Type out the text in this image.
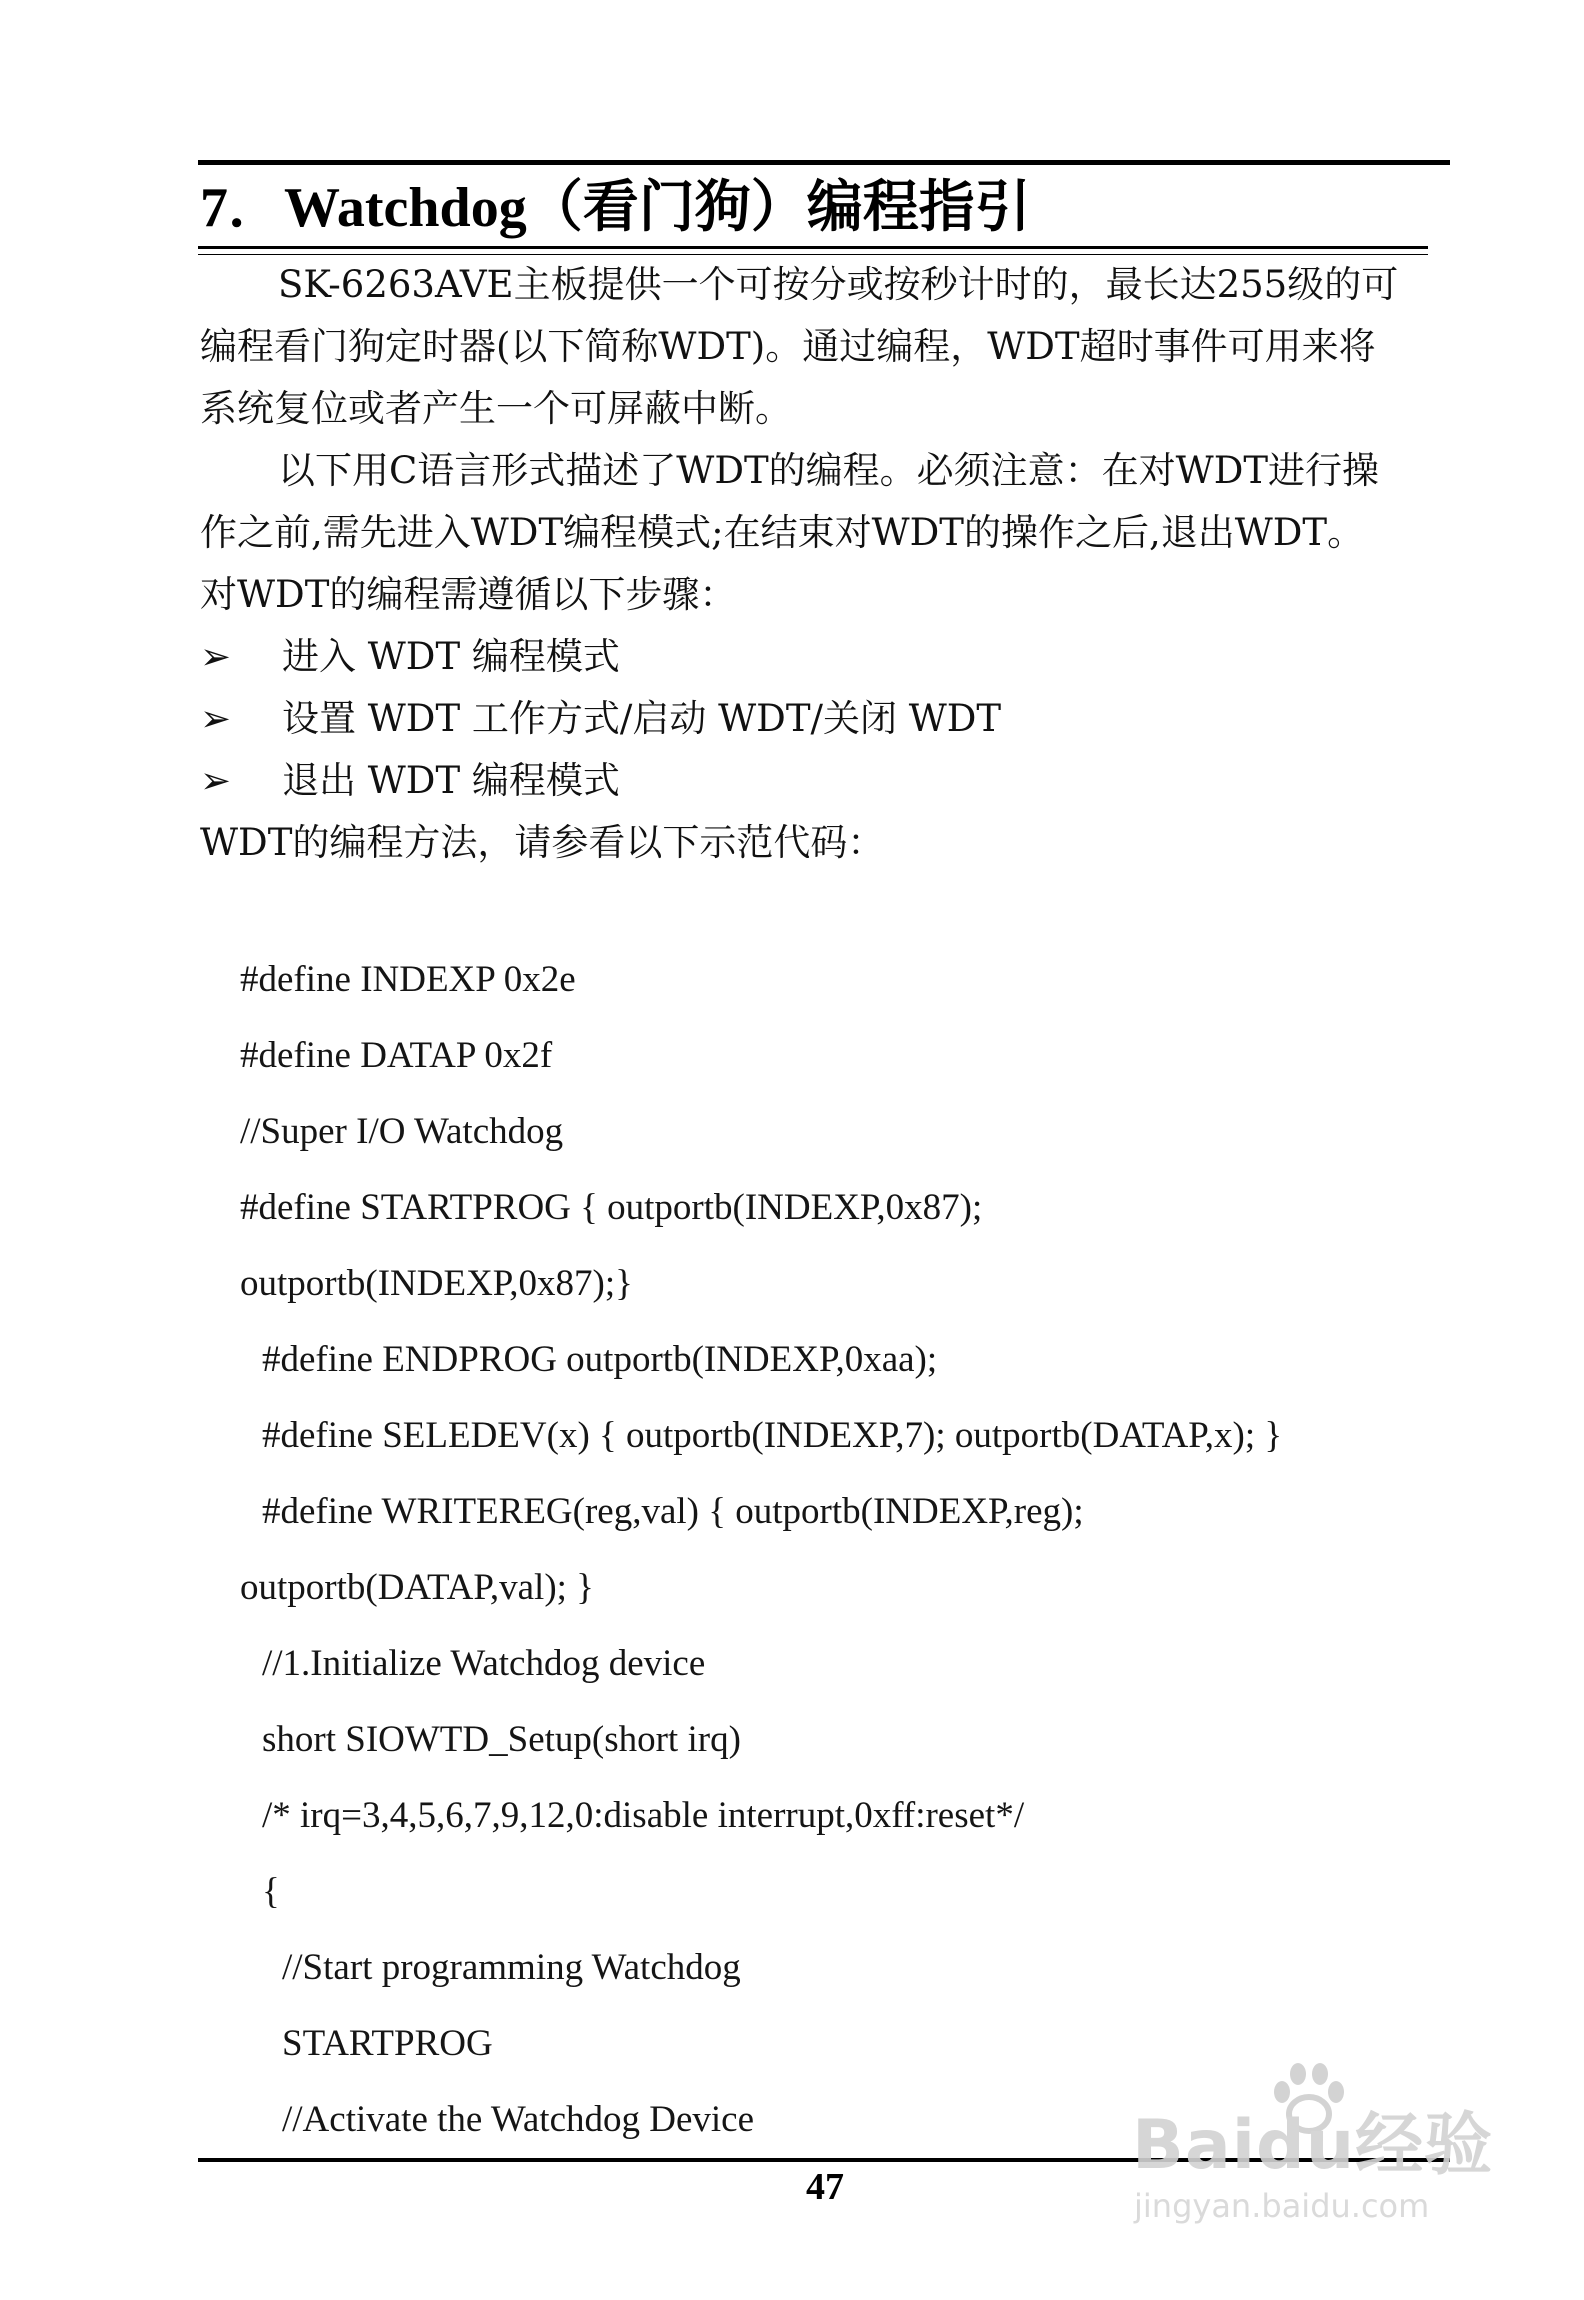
7．Watchdog（看门狗）编程指引

SK-6263AVE主板提供一个可按分或按秒计时的，最长达255级的可

编程看门狗定时器(以下简称WDT)。通过编程，WDT超时事件可用来将

系统复位或者产生一个可屏蔽中断。

以下用C语言形式描述了WDT的编程。必须注意：在对WDT进行操

作之前,需先进入WDT编程模式;在结束对WDT的操作之后,退出WDT。

对WDT的编程需遵循以下步骤：

➢ 进入 WDT 编程模式
➢ 设置 WDT 工作方式/启动 WDT/关闭 WDT
➢ 退出 WDT 编程模式

WDT的编程方法，请参看以下示范代码：

#define INDEXP 0x2e
#define DATAP 0x2f
//Super I/O Watchdog
#define STARTPROG { outportb(INDEXP,0x87);
outportb(INDEXP,0x87);}
#define ENDPROG outportb(INDEXP,0xaa);
#define SELEDEV(x) { outportb(INDEXP,7); outportb(DATAP,x); }
#define WRITEREG(reg,val) { outportb(INDEXP,reg);
outportb(DATAP,val); }
//1.Initialize Watchdog device
short SIOWTD_Setup(short irq)
/* irq=3,4,5,6,7,9,12,0:disable interrupt,0xff:reset*/
{
//Start programming Watchdog
STARTPROG
//Activate the Watchdog Device
47
Baidu经验
jingyan.baidu.com
